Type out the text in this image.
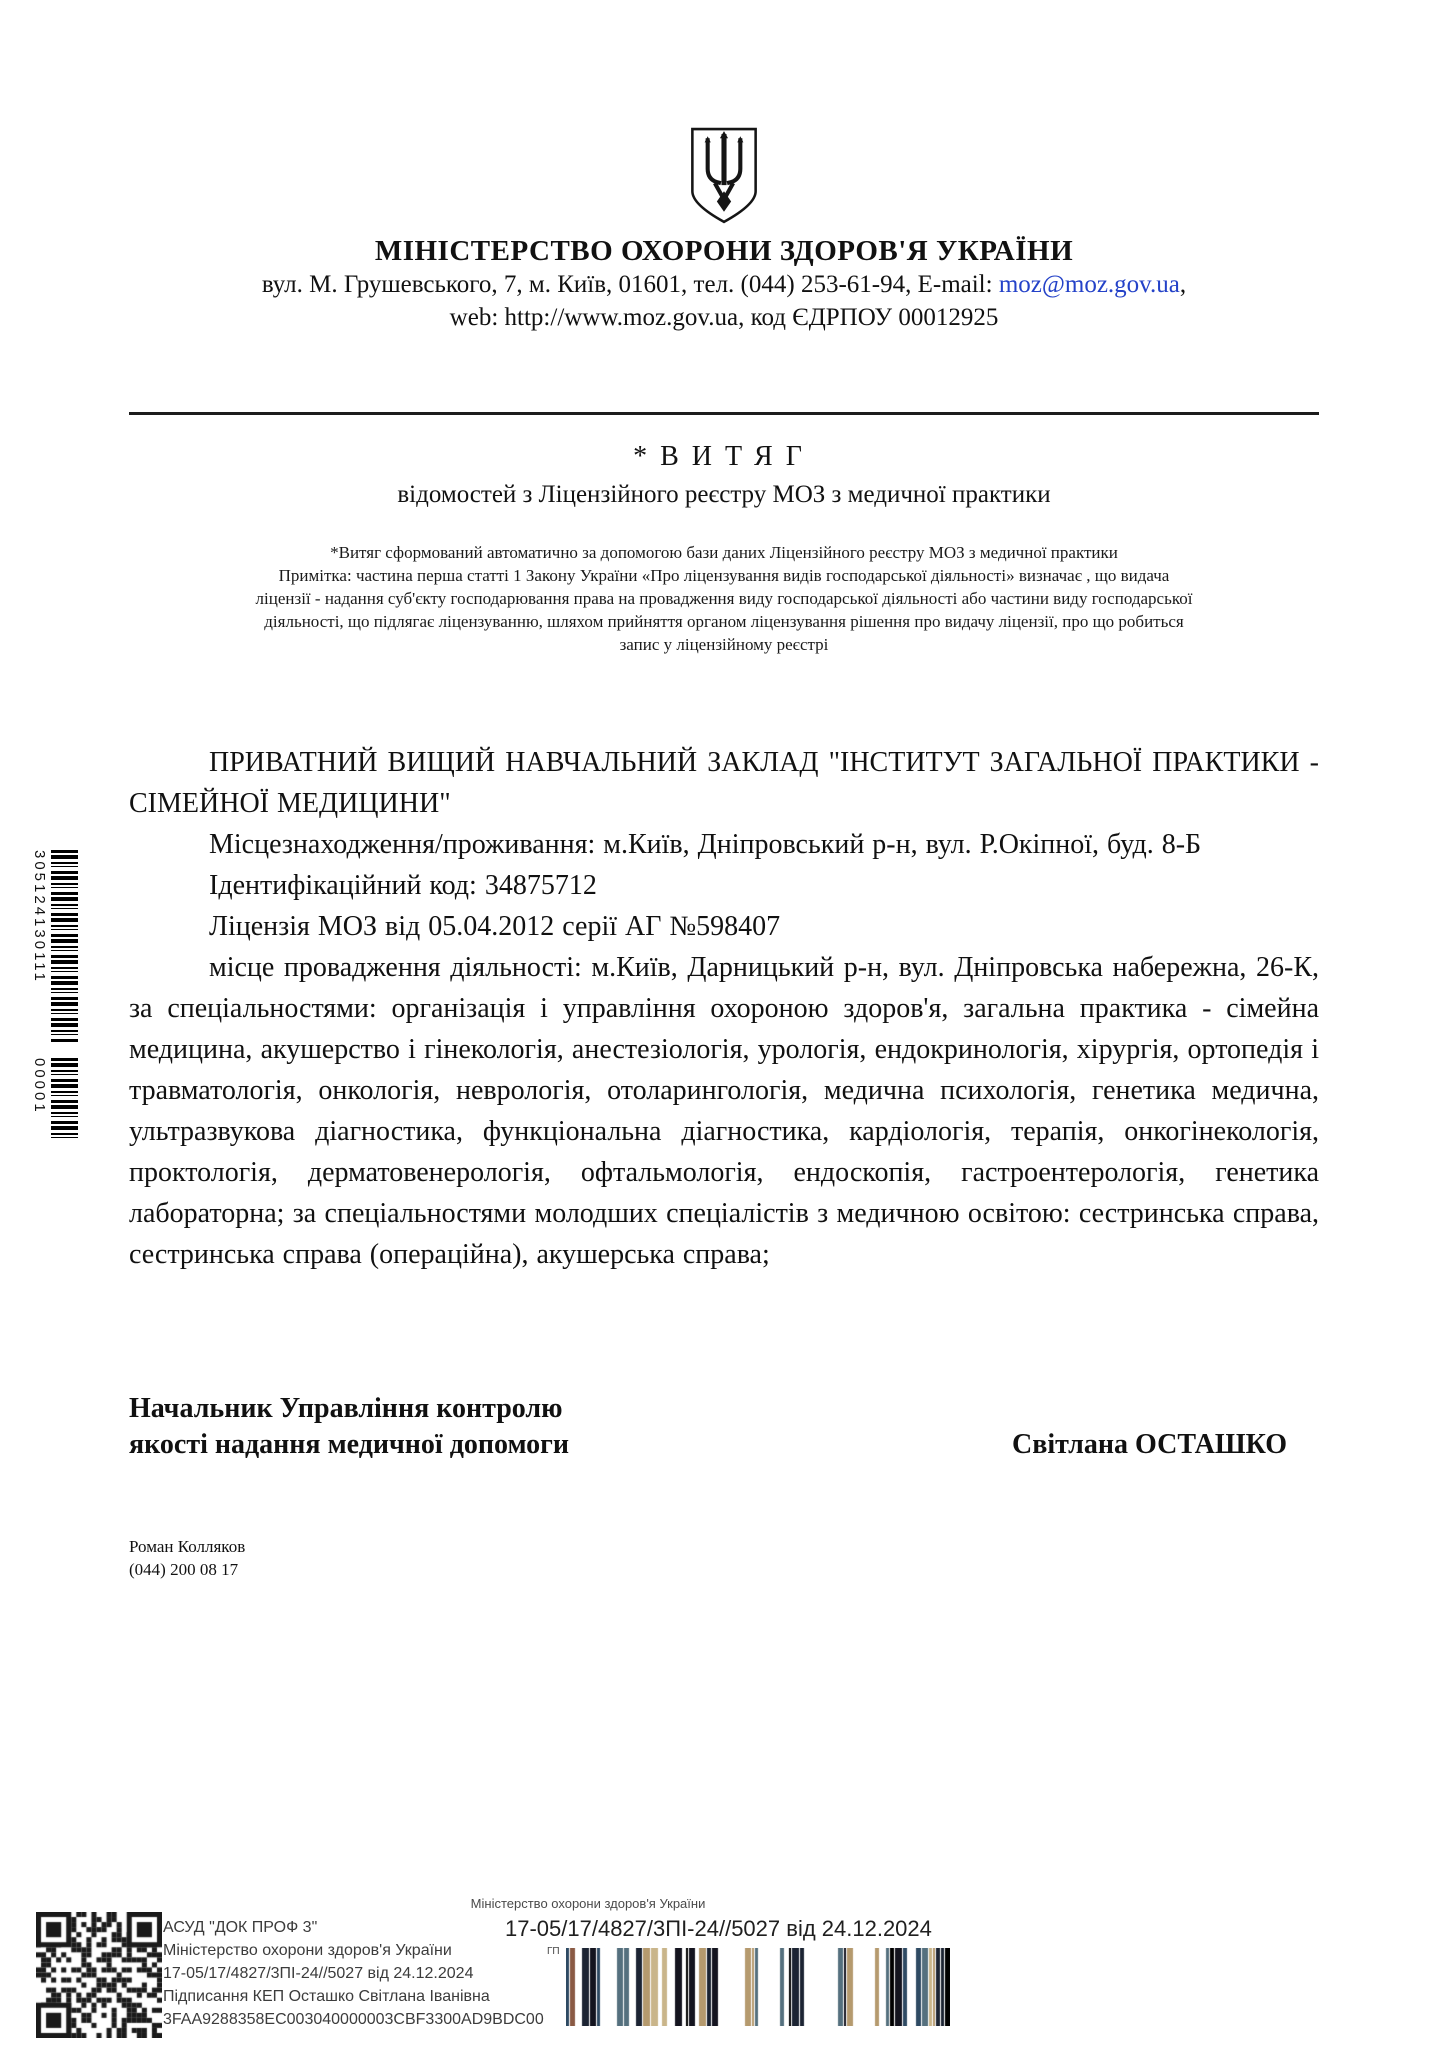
МІНІСТЕРСТВО ОХОРОНИ ЗДОРОВ'Я УКРАЇНИ
вул. М. Грушевського, 7, м. Київ, 01601, тел. (044) 253-61-94, E-mail: moz@moz.gov.ua,
web: http://www.moz.gov.ua, код ЄДРПОУ 00012925
*ВИТЯГ
відомостей з Ліцензійного реєстру МОЗ з медичної практики
*Витяг сформований автоматично за допомогою бази даних Ліцензійного реєстру МОЗ з медичної практики
Примітка: частина перша статті 1 Закону України «Про ліцензування видів господарської діяльності» визначає , що видача
ліцензії - надання суб'єкту господарювання права на провадження виду господарської діяльності або частини виду господарської
діяльності, що підлягає ліцензуванню, шляхом прийняття органом ліцензування рішення про видачу ліцензії, про що робиться
запис у ліцензійному реєстрі

ПРИВАТНИЙ ВИЩИЙ НАВЧАЛЬНИЙ ЗАКЛАД "ІНСТИТУТ ЗАГАЛЬНОЇ ПРАКТИКИ - СІМЕЙНОЇ МЕДИЦИНИ"

Місцезнаходження/проживання: м.Київ, Дніпровський р-н, вул. Р.Окіпної, буд. 8-Б

Ідентифікаційний код: 34875712

Ліцензія МОЗ від 05.04.2012 серії АГ №598407

місце провадження діяльності: м.Київ, Дарницький р-н, вул. Дніпровська набережна, 26-К, за спеціальностями: організація і управління охороною здоров'я, загальна практика - сімейна медицина, акушерство і гінекологія, анестезіологія, урологія, ендокринологія, хірургія, ортопедія і травматологія, онкологія, неврологія, отоларингологія, медична психологія, генетика медична, ультразвукова діагностика, функціональна діагностика, кардіологія, терапія, онкогінекологія, проктологія, дерматовенерологія, офтальмологія, ендоскопія, гастроентерологія, генетика лабораторна; за спеціальностями молодших спеціалістів з медичною освітою: сестринська справа, сестринська справа (операційна), акушерська справа;

Начальник Управління контролю
якості надання медичної допомоги	Світлана ОСТАШКО
Роман Колляков
(044) 200 08 17
305124130111
00001
АСУД "ДОК ПРОФ 3"
Міністерство охорони здоров'я України
17-05/17/4827/3ПІ-24//5027 від 24.12.2024
Підписання КЕП Осташко Світлана Іванівна
3FAA9288358EC003040000003CBF3300AD9BDC00
Міністерство охорони здоров'я України
17-05/17/4827/3ПІ-24//5027 від 24.12.2024
ГП
